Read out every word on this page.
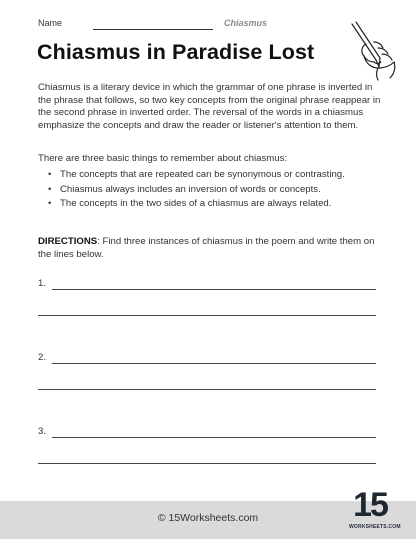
Name	Chiasmus
Chiasmus in Paradise Lost

Chiasmus is a literary device in which the grammar of one phrase is inverted in the phrase that follows, so two key concepts from the original phrase reappear in the second phrase in inverted order. The reversal of the words in a chiasmus emphasize the concepts and draw the reader or listener's attention to them.

There are three basic things to remember about chiasmus:
• The concepts that are repeated can be synonymous or contrasting.
• Chiasmus always includes an inversion of words or concepts.
• The concepts in the two sides of a chiasmus are always related.

DIRECTIONS: Find three instances of chiasmus in the poem and write them on the lines below.

1.
2.
3.
© 15Worksheets.com	15
WORKSHEETS.COM
